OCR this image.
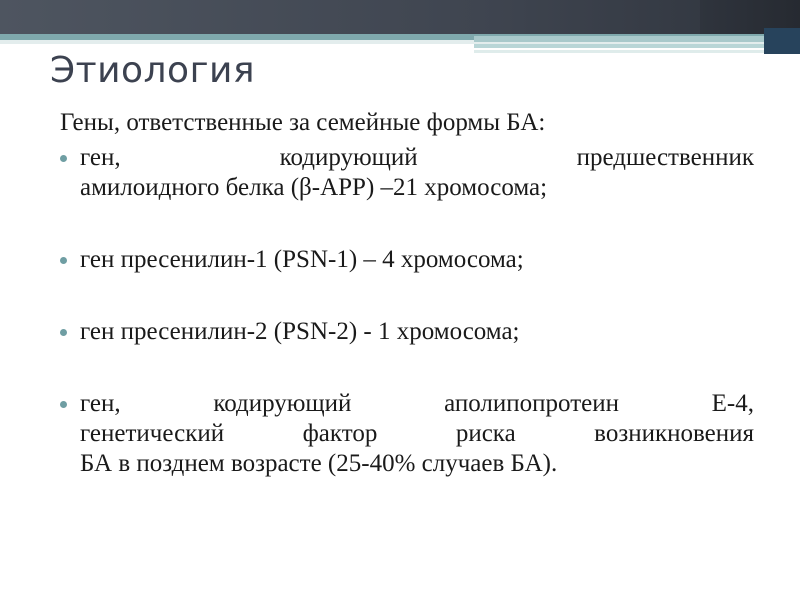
Этиология

Гены, ответственные за семейные формы БА:

ген, кодирующий предшественник
амилоидного белка (β-APP) –21 хромосома;
ген пресенилин-1 (PSN-1) – 4 хромосома;
ген пресенилин-2 (PSN-2) - 1 хромосома;
ген, кодирующий аполипопротеин Е-4,
генетический фактор риска возникновения
БА в позднем возрасте (25-40% случаев БА).
